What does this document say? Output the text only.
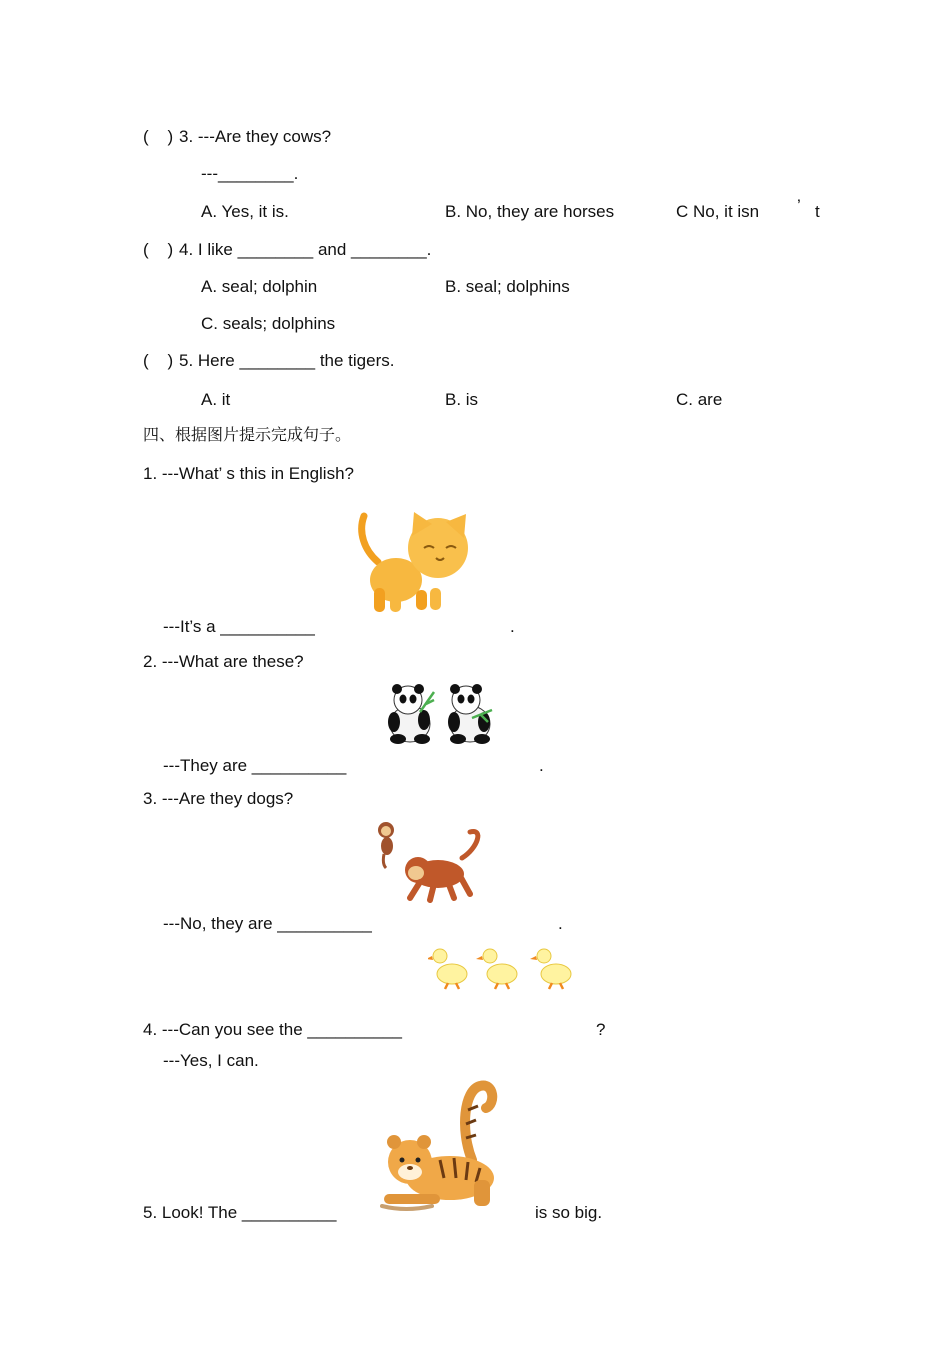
(    ) 3. ---Are they cows?
---________.
A. Yes, it is.	B. No, they are horses	C No, it isn ’ t
(    ) 4. I like ________ and ________.
A. seal; dolphin	B. seal; dolphins
C. seals; dolphins
(    ) 5. Here ________ the tigers.
A. it	B. is	C. are
四、根据图片提示完成句子。
1. ---What’ s this in English?
---It’s a __________	.
2. ---What are these?
---They are __________	.
3. ---Are they dogs?
---No, they are __________	.
4. ---Can you see the __________	?
---Yes, I can.
5. Look! The __________	is so big.
